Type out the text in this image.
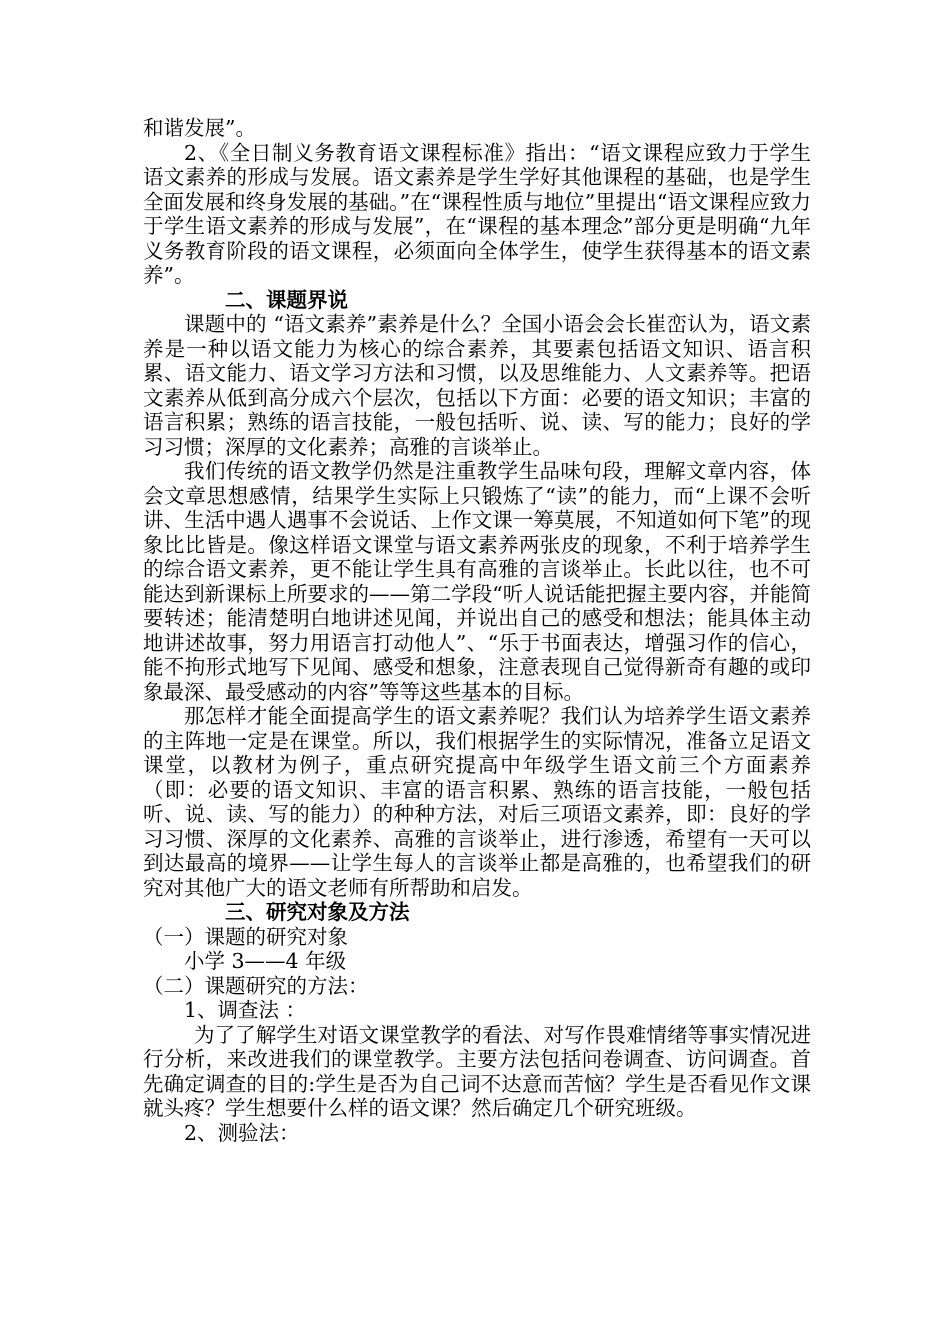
和谐发展”。

2、《全日制义务教育语文课程标准》指出：“语文课程应致力于学生语文素养的形成与发展。语文素养是学生学好其他课程的基础，也是学生全面发展和终身发展的基础。”在“课程性质与地位”里提出“语文课程应致力于学生语文素养的形成与发展”，在“课程的基本理念”部分更是明确“九年义务教育阶段的语文课程，必须面向全体学生，使学生获得基本的语文素养”。

二、课题界说

课题中的 “语文素养”素养是什么？全国小语会会长崔峦认为，语文素养是一种以语文能力为核心的综合素养，其要素包括语文知识、语言积累、语文能力、语文学习方法和习惯，以及思维能力、人文素养等。把语文素养从低到高分成六个层次，包括以下方面：必要的语文知识；丰富的语言积累；熟练的语言技能，一般包括听、说、读、写的能力；良好的学习习惯；深厚的文化素养；高雅的言谈举止。

我们传统的语文教学仍然是注重教学生品味句段，理解文章内容，体会文章思想感情，结果学生实际上只锻炼了“读”的能力，而“上课不会听讲、生活中遇人遇事不会说话、上作文课一筹莫展，不知道如何下笔”的现象比比皆是。像这样语文课堂与语文素养两张皮的现象，不利于培养学生的综合语文素养，更不能让学生具有高雅的言谈举止。长此以往，也不可能达到新课标上所要求的——第二学段“听人说话能把握主要内容，并能简要转述；能清楚明白地讲述见闻，并说出自己的感受和想法；能具体主动地讲述故事，努力用语言打动他人”、“乐于书面表达，增强习作的信心，能不拘形式地写下见闻、感受和想象，注意表现自己觉得新奇有趣的或印象最深、最受感动的内容”等等这些基本的目标。

那怎样才能全面提高学生的语文素养呢？我们认为培养学生语文素养的主阵地一定是在课堂。所以，我们根据学生的实际情况，准备立足语文课堂，以教材为例子，重点研究提高中年级学生语文前三个方面素养（即：必要的语文知识、丰富的语言积累、熟练的语言技能，一般包括听、说、读、写的能力）的种种方法，对后三项语文素养，即：良好的学习习惯、深厚的文化素养、高雅的言谈举止，进行渗透，希望有一天可以到达最高的境界——让学生每人的言谈举止都是高雅的，也希望我们的研究对其他广大的语文老师有所帮助和启发。

三、研究对象及方法

（一）课题的研究对象

小学 3——4 年级

（二）课题研究的方法：

1、调查法 ：

为了了解学生对语文课堂教学的看法、对写作畏难情绪等事实情况进行分析，来改进我们的课堂教学。主要方法包括问卷调查、访问调查。首先确定调查的目的:学生是否为自己词不达意而苦恼？学生是否看见作文课就头疼？学生想要什么样的语文课？然后确定几个研究班级。

2、测验法：
